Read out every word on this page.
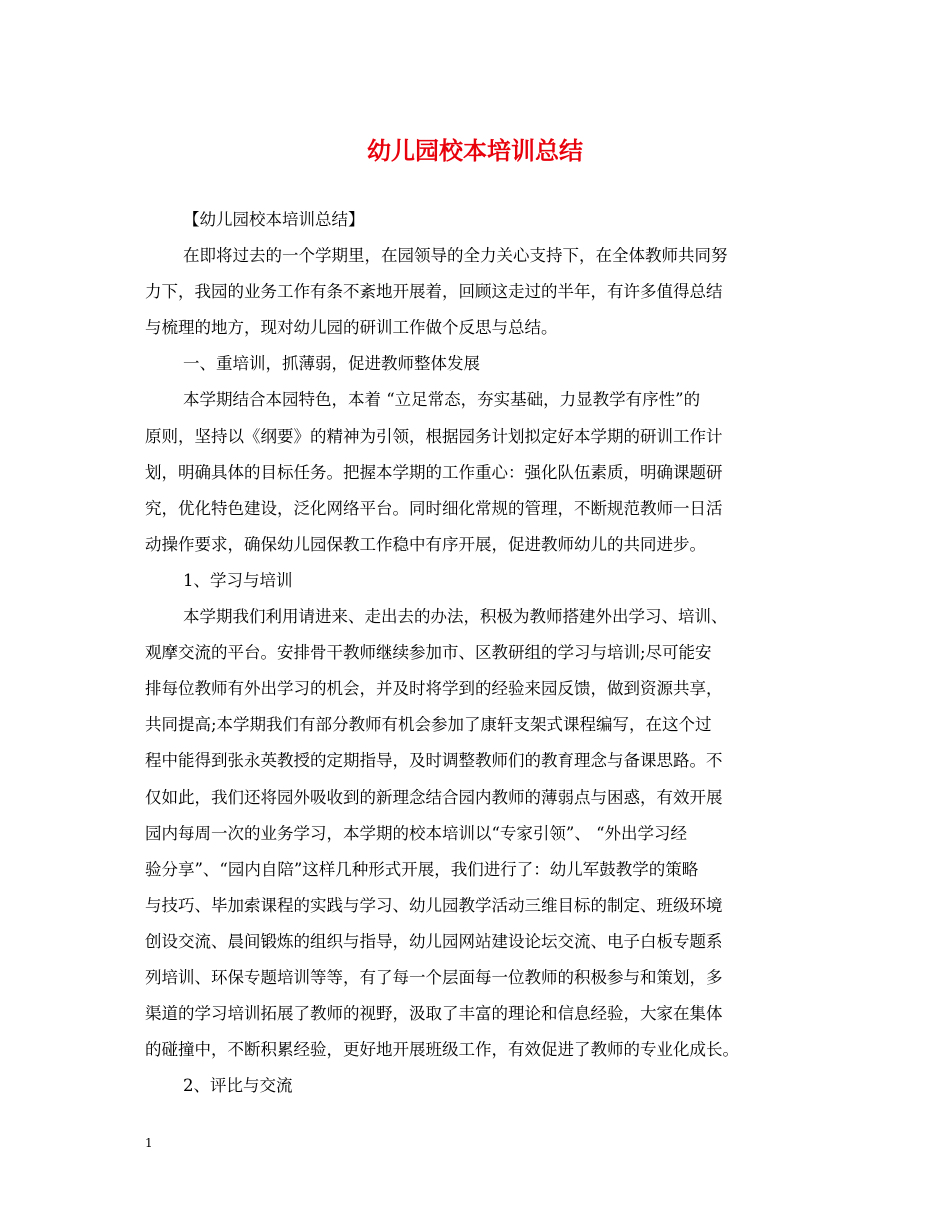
幼儿园校本培训总结
【幼儿园校本培训总结】
在即将过去的一个学期里，在园领导的全力关心支持下，在全体教师共同努
力下，我园的业务工作有条不紊地开展着，回顾这走过的半年，有许多值得总结
与梳理的地方，现对幼儿园的研训工作做个反思与总结。
一、重培训，抓薄弱，促进教师整体发展
本学期结合本园特色，本着 “立足常态，夯实基础，力显教学有序性”的
原则，坚持以《纲要》的精神为引领，根据园务计划拟定好本学期的研训工作计
划，明确具体的目标任务。把握本学期的工作重心：强化队伍素质，明确课题研
究，优化特色建设，泛化网络平台。同时细化常规的管理，不断规范教师一日活
动操作要求，确保幼儿园保教工作稳中有序开展，促进教师幼儿的共同进步。
1、学习与培训
本学期我们利用请进来、走出去的办法，积极为教师搭建外出学习、培训、
观摩交流的平台。安排骨干教师继续参加市、区教研组的学习与培训;尽可能安
排每位教师有外出学习的机会，并及时将学到的经验来园反馈，做到资源共享，
共同提高;本学期我们有部分教师有机会参加了康轩支架式课程编写，在这个过
程中能得到张永英教授的定期指导，及时调整教师们的教育理念与备课思路。不
仅如此，我们还将园外吸收到的新理念结合园内教师的薄弱点与困惑，有效开展
园内每周一次的业务学习，本学期的校本培训以“专家引领”、 “外出学习经
验分享”、“园内自陪”这样几种形式开展，我们进行了：幼儿军鼓教学的策略
与技巧、毕加索课程的实践与学习、幼儿园教学活动三维目标的制定、班级环境
创设交流、晨间锻炼的组织与指导，幼儿园网站建设论坛交流、电子白板专题系
列培训、环保专题培训等等，有了每一个层面每一位教师的积极参与和策划，多
渠道的学习培训拓展了教师的视野，汲取了丰富的理论和信息经验，大家在集体
的碰撞中，不断积累经验，更好地开展班级工作，有效促进了教师的专业化成长。
2、评比与交流
1
